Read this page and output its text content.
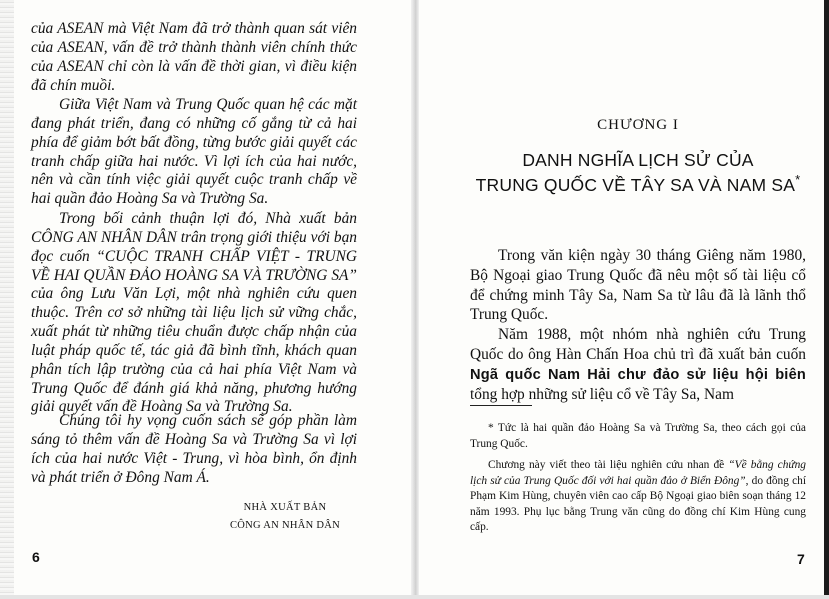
của ASEAN mà Việt Nam đã trở thành quan sát viên của ASEAN, vấn đề trở thành thành viên chính thức của ASEAN chỉ còn là vấn đề thời gian, vì điều kiện đã chín muồi.

Giữa Việt Nam và Trung Quốc quan hệ các mặt đang phát triển, đang có những cố gắng từ cả hai phía để giảm bớt bất đồng, từng bước giải quyết các tranh chấp giữa hai nước. Vì lợi ích của hai nước, nên và cần tính việc giải quyết cuộc tranh chấp về hai quần đảo Hoàng Sa và Trường Sa.

Trong bối cảnh thuận lợi đó, Nhà xuất bản CÔNG AN NHÂN DÂN trân trọng giới thiệu với bạn đọc cuốn “CUỘC TRANH CHẤP VIỆT - TRUNG VỀ HAI QUẦN ĐẢO HOÀNG SA VÀ TRƯỜNG SA” của ông Lưu Văn Lợi, một nhà nghiên cứu quen thuộc. Trên cơ sở những tài liệu lịch sử vững chắc, xuất phát từ những tiêu chuẩn được chấp nhận của luật pháp quốc tế, tác giả đã bình tĩnh, khách quan phân tích lập trường của cả hai phía Việt Nam và Trung Quốc để đánh giá khả năng, phương hướng giải quyết vấn đề Hoàng Sa và Trường Sa.

Chúng tôi hy vọng cuốn sách sẽ góp phần làm sáng tỏ thêm vấn đề Hoàng Sa và Trường Sa vì lợi ích của hai nước Việt - Trung, vì hòa bình, ổn định và phát triển ở Đông Nam Á.

NHÀ XUẤT BẢN
CÔNG AN NHÂN DÂN
6
CHƯƠNG I
DANH NGHĨA LỊCH SỬ CỦA
TRUNG QUỐC VỀ TÂY SA VÀ NAM SA*

Trong văn kiện ngày 30 tháng Giêng năm 1980, Bộ Ngoại giao Trung Quốc đã nêu một số tài liệu cổ để chứng minh Tây Sa, Nam Sa từ lâu đã là lãnh thổ Trung Quốc.

Năm 1988, một nhóm nhà nghiên cứu Trung Quốc do ông Hàn Chấn Hoa chủ trì đã xuất bản cuốn Ngã quốc Nam Hải chư đảo sử liệu hội biên tổng hợp những sử liệu cổ về Tây Sa, Nam

* Tức là hai quần đảo Hoàng Sa và Trường Sa, theo cách gọi của Trung Quốc.

Chương này viết theo tài liệu nghiên cứu nhan đề “Về bằng chứng lịch sử của Trung Quốc đối với hai quần đảo ở Biển Đông”, do đồng chí Phạm Kim Hùng, chuyên viên cao cấp Bộ Ngoại giao biên soạn tháng 12 năm 1993. Phụ lục bằng Trung văn cũng do đồng chí Kim Hùng cung cấp.

7
